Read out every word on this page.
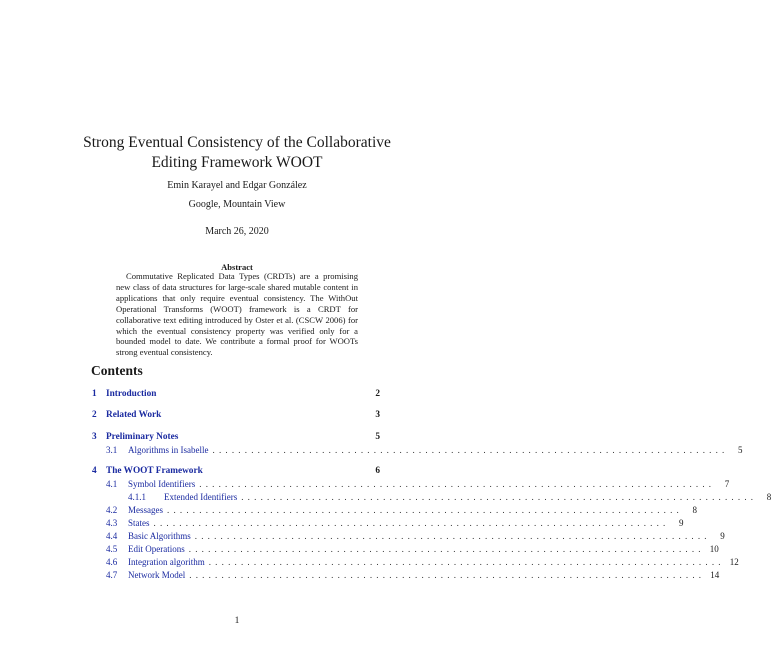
Strong Eventual Consistency of the Collaborative
Editing Framework WOOT
Emin Karayel and Edgar González
Google, Mountain View
March 26, 2020
Abstract
Commutative Replicated Data Types (CRDTs) are a promising new class of data structures for large-scale shared mutable content in applications that only require eventual consistency. The WithOut Operational Transforms (WOOT) framework is a CRDT for collaborative text editing introduced by Oster et al. (CSCW 2006) for which the eventual consistency property was verified only for a bounded model to date. We contribute a formal proof for WOOTs strong eventual consistency.
Contents
1	Introduction	2
2	Related Work	3
3	Preliminary Notes	5
3.1	Algorithms in Isabelle ................................................................................	5
4	The WOOT Framework	6
4.1	Symbol Identifiers ................................................................................	7
4.1.1	Extended Identifiers ................................................................................	8
4.2	Messages ................................................................................	8
4.3	States ................................................................................	9
4.4	Basic Algorithms ................................................................................	9
4.5	Edit Operations ................................................................................ 10
4.6	Integration algorithm ................................................................................ 12
4.7	Network Model ................................................................................ 14
1
